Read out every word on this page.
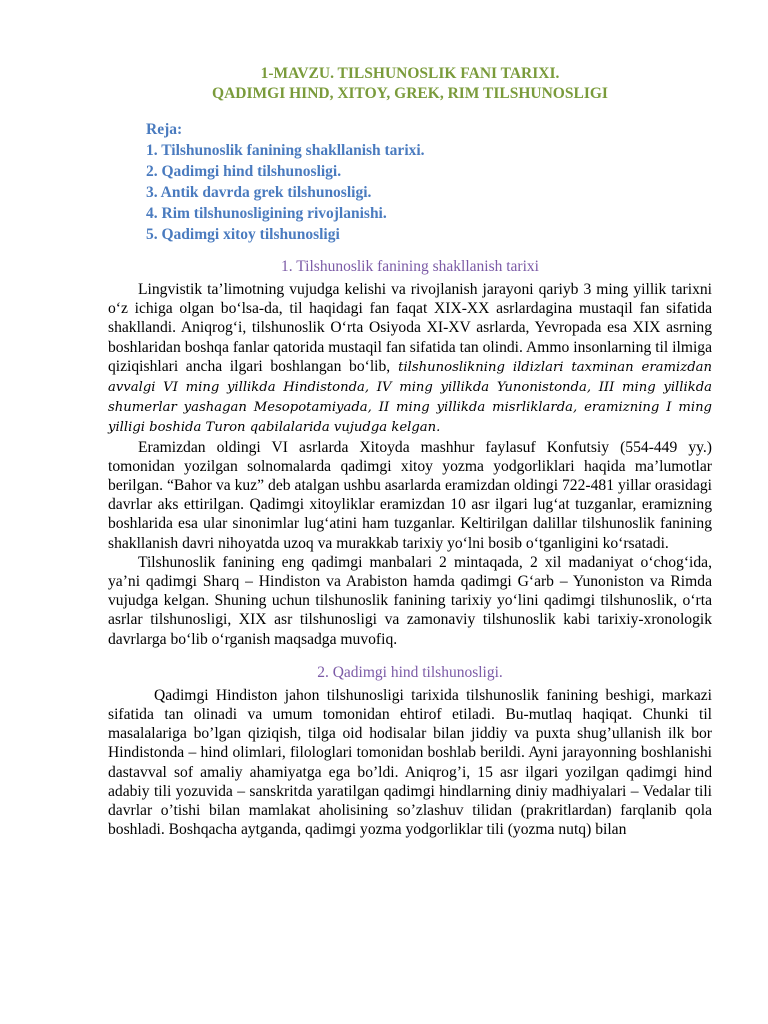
1-MAVZU. TILSHUNOSLIK FANI TARIXI.
QADIMGI HIND, XITOY, GREK, RIM TILSHUNOSLIGI
Reja:
1. Tilshunoslik fanining shakllanish tarixi.
2. Qadimgi hind tilshunosligi.
3. Antik davrda grek tilshunosligi.
4. Rim tilshunosligining rivojlanishi.
5. Qadimgi xitoy tilshunosligi
1. Tilshunoslik fanining shakllanish tarixi

Lingvistik ta’limotning vujudga kelishi va rivojlanish jarayoni qariyb 3 ming yillik tarixni o‘z ichiga olgan bo‘lsa-da, til haqidagi fan faqat XIX-XX asrlardagina mustaqil fan sifatida shakllandi. Aniqrog‘i, tilshunoslik O‘rta Osiyoda XI-XV asrlarda, Yevropada esa XIX asrning boshlaridan boshqa fanlar qatorida mustaqil fan sifatida tan olindi. Ammo insonlarning til ilmiga qiziqishlari ancha ilgari boshlangan bo‘lib, tilshunoslikning ildizlari taxminan eramizdan avvalgi VI ming yillikda Hindistonda, IV ming yillikda Yunonistonda, III ming yillikda shumerlar yashagan Mesopotamiyada, II ming yillikda misrliklarda, eramizning I ming yilligi boshida Turon qabilalarida vujudga kelgan.

Eramizdan oldingi VI asrlarda Xitoyda mashhur faylasuf Konfutsiy (554-449 yy.) tomonidan yozilgan solnomalarda qadimgi xitoy yozma yodgorliklari haqida ma’lumotlar berilgan. “Bahor va kuz” deb atalgan ushbu asarlarda eramizdan oldingi 722-481 yillar orasidagi davrlar aks ettirilgan. Qadimgi xitoyliklar eramizdan 10 asr ilgari lug‘at tuzganlar, eramizning boshlarida esa ular sinonimlar lug‘atini ham tuzganlar. Keltirilgan dalillar tilshunoslik fanining shakllanish davri nihoyatda uzoq va murakkab tarixiy yo‘lni bosib o‘tganligini ko‘rsatadi.

Tilshunoslik fanining eng qadimgi manbalari 2 mintaqada, 2 xil madaniyat o‘chog‘ida, ya’ni qadimgi Sharq – Hindiston va Arabiston hamda qadimgi G‘arb – Yunoniston va Rimda vujudga kelgan. Shuning uchun tilshunoslik fanining tarixiy yo‘lini qadimgi tilshunoslik, o‘rta asrlar tilshunosligi, XIX asr tilshunosligi va zamonaviy tilshunoslik kabi tarixiy-xronologik davrlarga bo‘lib o‘rganish maqsadga muvofiq.

2. Qadimgi hind tilshunosligi.

Qadimgi Hindiston jahon tilshunosligi tarixida tilshunoslik fanining beshigi, markazi sifatida tan olinadi va umum tomonidan ehtirof etiladi. Bu-mutlaq haqiqat. Chunki til masalalariga bo’lgan qiziqish, tilga oid hodisalar bilan jiddiy va puxta shug’ullanish ilk bor Hindistonda – hind olimlari, filologlari tomonidan boshlab berildi. Ayni jarayonning boshlanishi dastavval sof amaliy ahamiyatga ega bo’ldi. Aniqrog’i, 15 asr ilgari yozilgan qadimgi hind adabiy tili yozuvida – sanskritda yaratilgan qadimgi hindlarning diniy madhiyalari – Vedalar tili davrlar o’tishi bilan mamlakat aholisining so’zlashuv tilidan (prakritlardan) farqlanib qola boshladi. Boshqacha aytganda, qadimgi yozma yodgorliklar tili (yozma nutq) bilan
